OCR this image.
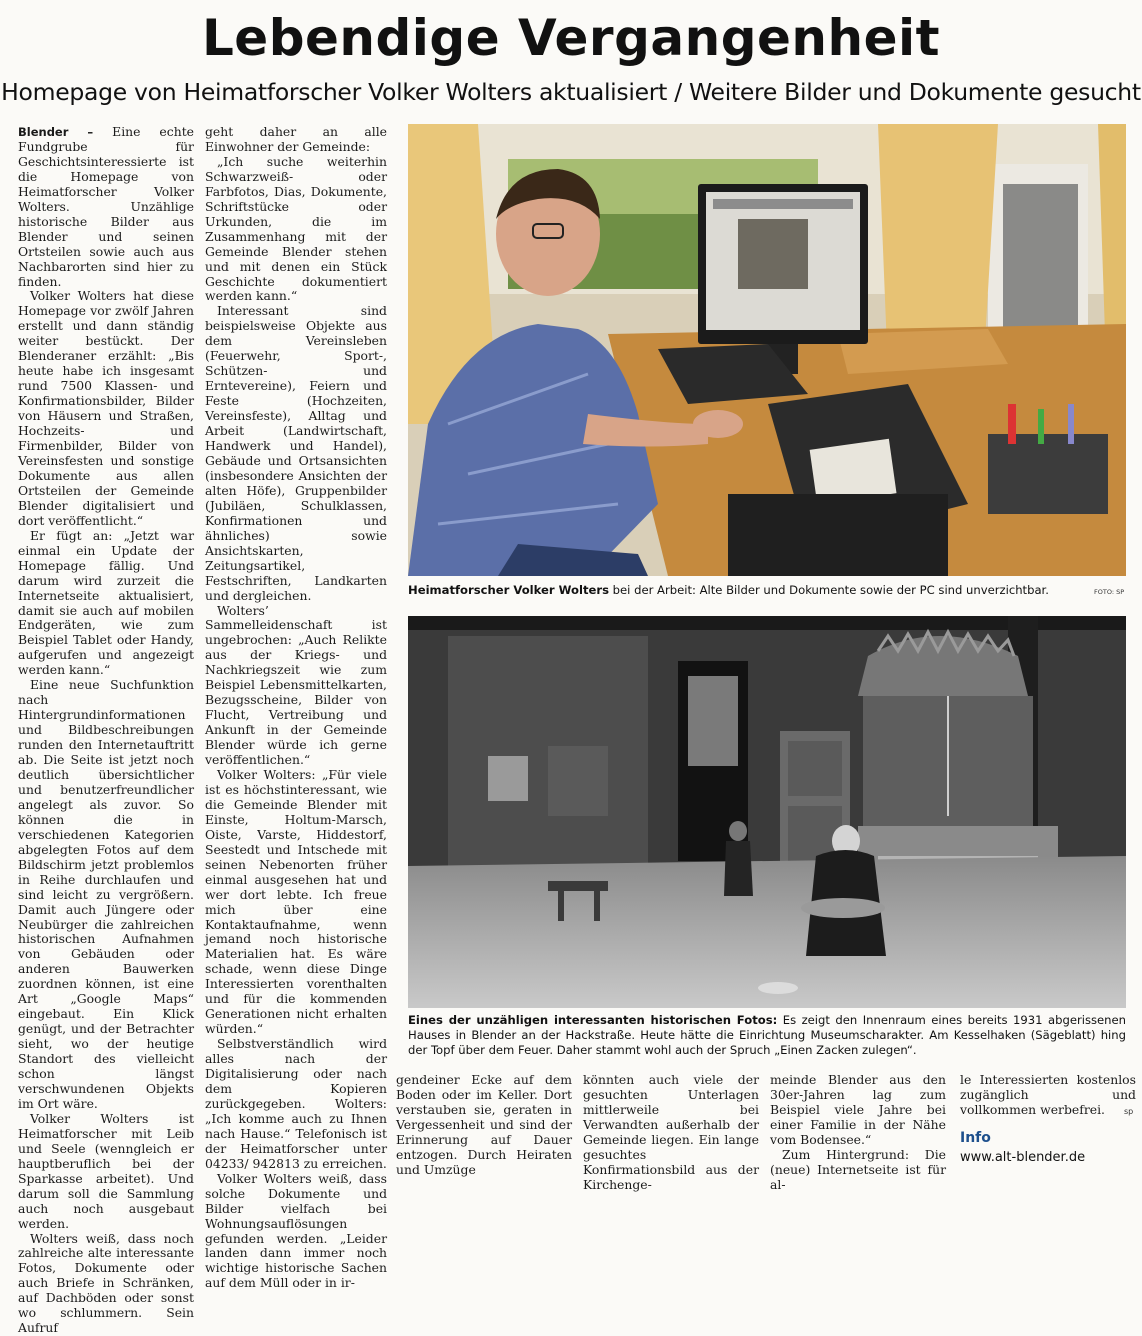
Lebendige Vergangenheit
Homepage von Heimatforscher Volker Wolters aktualisiert / Weitere Bilder und Dokumente gesucht

Blender – Eine echte Fundgrube für Geschichtsinteressierte ist die Homepage von Heimatforscher Volker Wolters. Unzählige historische Bilder aus Blender und seinen Ortsteilen sowie auch aus Nachbarorten sind hier zu finden.

Volker Wolters hat diese Homepage vor zwölf Jahren erstellt und dann ständig weiter bestückt. Der Blenderaner erzählt: „Bis heute habe ich insgesamt rund 7500 Klassen- und Konfirmationsbilder, Bilder von Häusern und Straßen, Hochzeits- und Firmenbilder, Bilder von Vereinsfesten und sonstige Dokumente aus allen Ortsteilen der Gemeinde Blender digitalisiert und dort veröffentlicht.“

Er fügt an: „Jetzt war einmal ein Update der Homepage fällig. Und darum wird zurzeit die Internetseite aktualisiert, damit sie auch auf mobilen Endgeräten, wie zum Beispiel Tablet oder Handy, aufgerufen und angezeigt werden kann.“

Eine neue Suchfunktion nach Hintergrundinformationen und Bildbeschreibungen runden den Internetauftritt ab. Die Seite ist jetzt noch deutlich übersichtlicher und benutzerfreundlicher angelegt als zuvor. So können die in verschiedenen Kategorien abgelegten Fotos auf dem Bildschirm jetzt problemlos in Reihe durchlaufen und sind leicht zu vergrößern. Damit auch Jüngere oder Neubürger die zahlreichen historischen Aufnahmen von Gebäuden oder anderen Bauwerken zuordnen können, ist eine Art „Google Maps“ eingebaut. Ein Klick genügt, und der Betrachter sieht, wo der heutige Standort des vielleicht schon längst verschwundenen Objekts im Ort wäre.

Volker Wolters ist Heimatforscher mit Leib und Seele (wenngleich er hauptberuflich bei der Sparkasse arbeitet). Und darum soll die Sammlung auch noch ausgebaut werden.

Wolters weiß, dass noch zahlreiche alte interessante Fotos, Dokumente oder auch Briefe in Schränken, auf Dachböden oder sonst wo schlummern. Sein Aufruf

geht daher an alle Einwohner der Gemeinde:

„Ich suche weiterhin Schwarzweiß- oder Farbfotos, Dias, Dokumente, Schriftstücke oder Urkunden, die im Zusammenhang mit der Gemeinde Blender stehen und mit denen ein Stück Geschichte dokumentiert werden kann.“

Interessant sind beispielsweise Objekte aus dem Vereinsleben (Feuerwehr, Sport-, Schützen- und Erntevereine), Feiern und Feste (Hochzeiten, Vereinsfeste), Alltag und Arbeit (Landwirtschaft, Handwerk und Handel), Gebäude und Ortsansichten (insbesondere Ansichten der alten Höfe), Gruppenbilder (Jubiläen, Schulklassen, Konfirmationen und ähnliches) sowie Ansichtskarten, Zeitungsartikel, Festschriften, Landkarten und dergleichen.

Wolters’ Sammelleidenschaft ist ungebrochen: „Auch Relikte aus der Kriegs- und Nachkriegszeit wie zum Beispiel Lebensmittelkarten, Bezugsscheine, Bilder von Flucht, Vertreibung und Ankunft in der Gemeinde Blender würde ich gerne veröffentlichen.“

Volker Wolters: „Für viele ist es höchstinteressant, wie die Gemeinde Blender mit Einste, Holtum-Marsch, Oiste, Varste, Hiddestorf, Seestedt und Intschede mit seinen Nebenorten früher einmal ausgesehen hat und wer dort lebte. Ich freue mich über eine Kontaktaufnahme, wenn jemand noch historische Materialien hat. Es wäre schade, wenn diese Dinge Interessierten vorenthalten und für die kommenden Generationen nicht erhalten würden.“

Selbstverständlich wird alles nach der Digitalisierung oder nach dem Kopieren zurückgegeben. Wolters: „Ich komme auch zu Ihnen nach Hause.“ Telefonisch ist der Heimatforscher unter 04233/ 942813 zu erreichen.

Volker Wolters weiß, dass solche Dokumente und Bilder vielfach bei Wohnungsauflösungen gefunden werden. „Leider landen dann immer noch wichtige historische Sachen auf dem Müll oder in ir-

Heimatforscher Volker Wolters bei der Arbeit: Alte Bilder und Dokumente sowie der PC sind unverzichtbar.	FOTO: SP
Eines der unzähligen interessanten historischen Fotos: Es zeigt den Innenraum eines bereits 1931 abgerissenen Hauses in Blender an der Hackstraße. Heute hätte die Einrichtung Museumscharakter. Am Kesselhaken (Sägeblatt) hing der Topf über dem Feuer. Daher stammt wohl auch der Spruch „Einen Zacken zulegen“.

gendeiner Ecke auf dem Boden oder im Keller. Dort verstauben sie, geraten in Vergessenheit und sind der Erinnerung auf Dauer entzogen. Durch Heiraten und Umzüge

könnten auch viele der gesuchten Unterlagen mittlerweile bei Verwandten außerhalb der Gemeinde liegen. Ein lange gesuchtes Konfirmationsbild aus der Kirchenge-

meinde Blender aus den 30er-Jahren lag zum Beispiel viele Jahre bei einer Familie in der Nähe vom Bodensee.“

Zum Hintergrund: Die (neue) Internetseite ist für al-

le Interessierten kostenlos zugänglich und vollkommen werbefrei.	sp
Info
www.alt-blender.de
